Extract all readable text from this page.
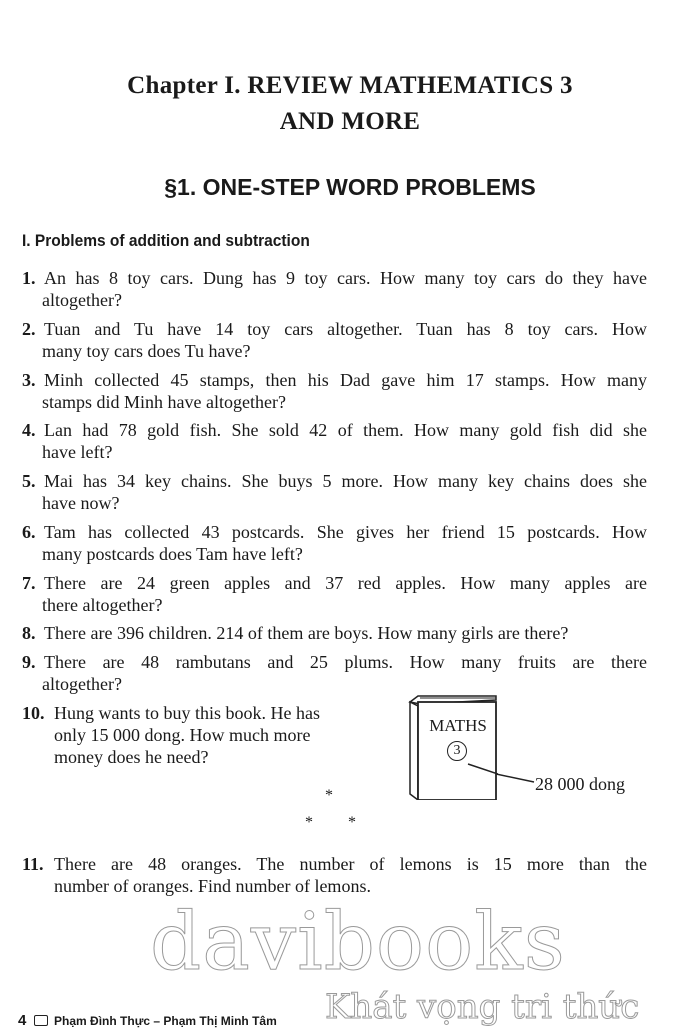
Chapter I. REVIEW MATHEMATICS 3
AND MORE
§1. ONE-STEP WORD PROBLEMS
I. Problems of addition and subtraction
1. An has 8 toy cars. Dung has 9 toy cars. How many toy cars do they have
altogether?
2. Tuan and Tu have 14 toy cars altogether. Tuan has 8 toy cars. How
many toy cars does Tu have?
3. Minh collected 45 stamps, then his Dad gave him 17 stamps. How many
stamps did Minh have altogether?
4. Lan had 78 gold fish. She sold 42 of them. How many gold fish did she
have left?
5. Mai has 34 key chains. She buys 5 more. How many key chains does she
have now?
6. Tam has collected 43 postcards. She gives her friend 15 postcards. How
many postcards does Tam have left?
7. There are 24 green apples and 37 red apples. How many apples are
there altogether?
8. There are 396 children. 214 of them are boys. How many girls are there?
9. There are 48 rambutans and 25 plums. How many fruits are there
altogether?
10. Hung wants to buy this book. He has
only 15 000 dong. How much more
money does he need?
11. There are 48 oranges. The number of lemons is 15 more than the
number of oranges. Find number of lemons.
MATHS
3
28 000 dong
*
* *
davibooks
Khát vọng tri thức
4 Phạm Đình Thực – Phạm Thị Minh Tâm
